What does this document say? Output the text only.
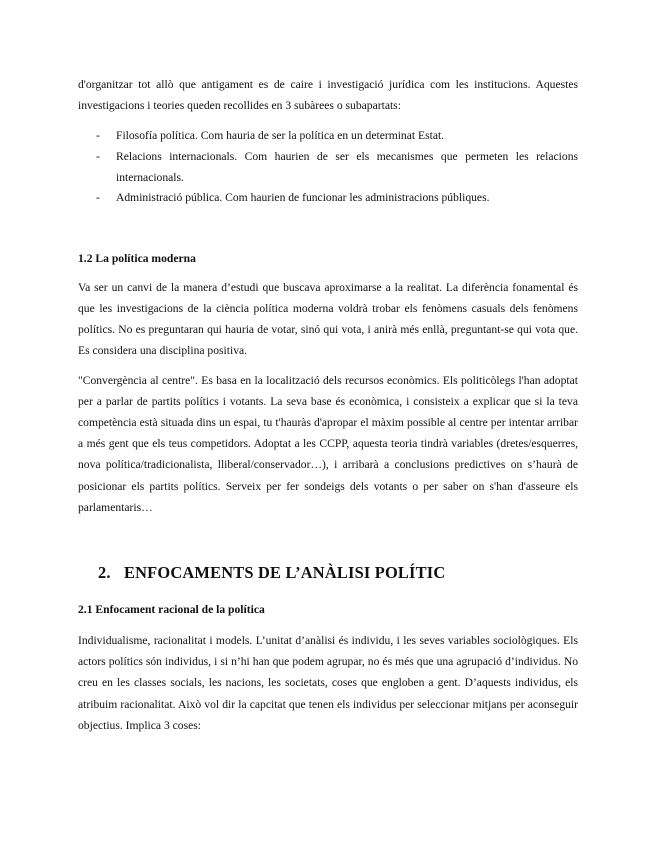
d'organitzar tot allò que antigament es de caire i investigació jurídica com les institucions. Aquestes investigacions i teories queden recollides en 3 subàrees o subapartats:

- Filosofía política. Com hauria de ser la política en un determinat Estat.
- Relacions internacionals. Com haurien de ser els mecanismes que permeten les relacions internacionals.
- Administració pública. Com haurien de funcionar les administracions públiques.
1.2 La política moderna

Va ser un canvi de la manera d’estudi que buscava aproximarse a la realitat. La diferència fonamental és que les investigacions de la ciència política moderna voldrà trobar els fenòmens casuals dels fenòmens polítics. No es preguntaran qui hauria de votar, sinó qui vota, i anirà més enllà, preguntant-se qui vota que. Es considera una disciplina positiva.

"Convergència al centre". Es basa en la localització dels recursos econòmics. Els politicòlegs l'han adoptat per a parlar de partits polítics i votants. La seva base és econòmica, i consisteix a explicar que si la teva competència està situada dins un espai, tu t'hauràs d'apropar el màxim possible al centre per intentar arribar a més gent que els teus competidors. Adoptat a les CCPP, aquesta teoria tindrà variables (dretes/esquerres, nova política/tradicionalista, lliberal/conservador…), i arribarà a conclusions predictives on s’haurà de posicionar els partits polítics. Serveix per fer sondeigs dels votants o per saber on s'han d'asseure els parlamentaris…

2. ENFOCAMENTS DE L’ANÀLISI POLÍTIC
2.1 Enfocament racional de la política

Individualisme, racionalitat i models. L’unitat d’anàlisi és individu, i les seves variables sociològiques. Els actors polítics són individus, i si n’hi han que podem agrupar, no és més que una agrupació d’individus. No creu en les classes socials, les nacions, les societats, coses que engloben a gent. D’aquests individus, els atribuim racionalitat. Això vol dir la capcitat que tenen els individus per seleccionar mitjans per aconseguir objectius. Implica 3 coses:
